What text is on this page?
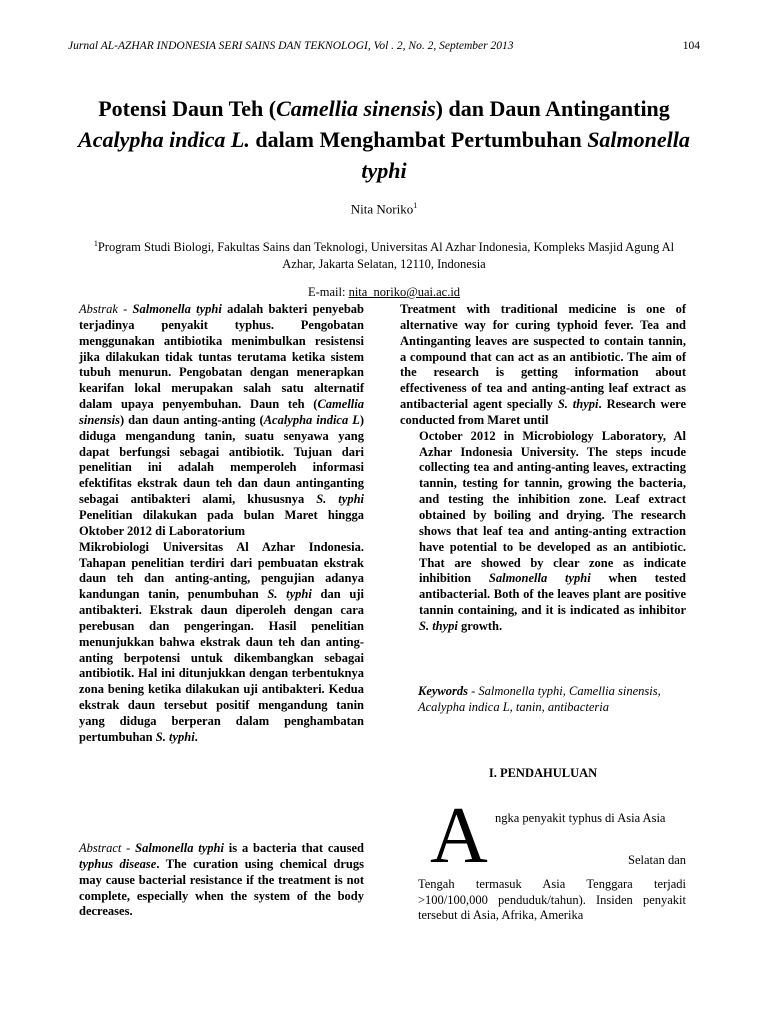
Jurnal AL-AZHAR INDONESIA SERI SAINS DAN TEKNOLOGI, Vol . 2, No. 2, September 2013	104
Potensi Daun Teh (Camellia sinensis) dan Daun Antinganting Acalypha indica L. dalam Menghambat Pertumbuhan Salmonella typhi
Nita Noriko$^1$
$^1$Program Studi Biologi, Fakultas Sains dan Teknologi, Universitas Al Azhar Indonesia, Kompleks Masjid Agung Al Azhar, Jakarta Selatan, 12110, Indonesia
E-mail: nita_noriko@uai.ac.id

Abstrak - Salmonella typhi adalah bakteri penyebab terjadinya penyakit typhus. Pengobatan menggunakan antibiotika menimbulkan resistensi jika dilakukan tidak tuntas terutama ketika sistem tubuh menurun. Pengobatan dengan menerapkan kearifan lokal merupakan salah satu alternatif dalam upaya penyembuhan. Daun teh (Camellia sinensis) dan daun anting-anting (Acalypha indica L) diduga mengandung tanin, suatu senyawa yang dapat berfungsi sebagai antibiotik. Tujuan dari penelitian ini adalah memperoleh informasi efektifitas ekstrak daun teh dan daun antinganting sebagai antibakteri alami, khususnya S. typhi Penelitian dilakukan pada bulan Maret hingga Oktober 2012 di Laboratorium

Mikrobiologi Universitas Al Azhar Indonesia. Tahapan penelitian terdiri dari pembuatan ekstrak daun teh dan anting-anting, pengujian adanya kandungan tanin, penumbuhan S. typhi dan uji antibakteri. Ekstrak daun diperoleh dengan cara perebusan dan pengeringan. Hasil penelitian menunjukkan bahwa ekstrak daun teh dan anting-anting berpotensi untuk dikembangkan sebagai antibiotik. Hal ini ditunjukkan dengan terbentuknya zona bening ketika dilakukan uji antibakteri. Kedua ekstrak daun tersebut positif mengandung tanin yang diduga berperan dalam penghambatan pertumbuhan S. typhi.

Abstract - Salmonella typhi is a bacteria that caused typhus disease. The curation using chemical drugs may cause bacterial resistance if the treatment is not complete, especially when the system of the body decreases.

Treatment with traditional medicine is one of alternative way for curing typhoid fever. Tea and Antinganting leaves are suspected to contain tannin, a compound that can act as an antibiotic. The aim of the research is getting information about effectiveness of tea and anting-anting leaf extract as antibacterial agent specially S. thypi. Research were conducted from Maret until

October 2012 in Microbiology Laboratory, Al Azhar Indonesia University. The steps incude collecting tea and anting-anting leaves, extracting tannin, testing for tannin, growing the bacteria, and testing the inhibition zone. Leaf extract obtained by boiling and drying. The research shows that leaf tea and anting-anting extraction have potential to be developed as an antibiotic. That are showed by clear zone as indicate inhibition Salmonella typhi when tested antibacterial. Both of the leaves plant are positive tannin containing, and it is indicated as inhibitor S. thypi growth.

Keywords - Salmonella typhi, Camellia sinensis,
Acalypha indica L, tanin, antibacteria
I. PENDAHULUAN
A ngka penyakit typhus di Asia Asia
Selatan dan
Tengah termasuk Asia Tenggara terjadi >100/100,000 penduduk/tahun). Insiden penyakit tersebut di Asia, Afrika, Amerika
